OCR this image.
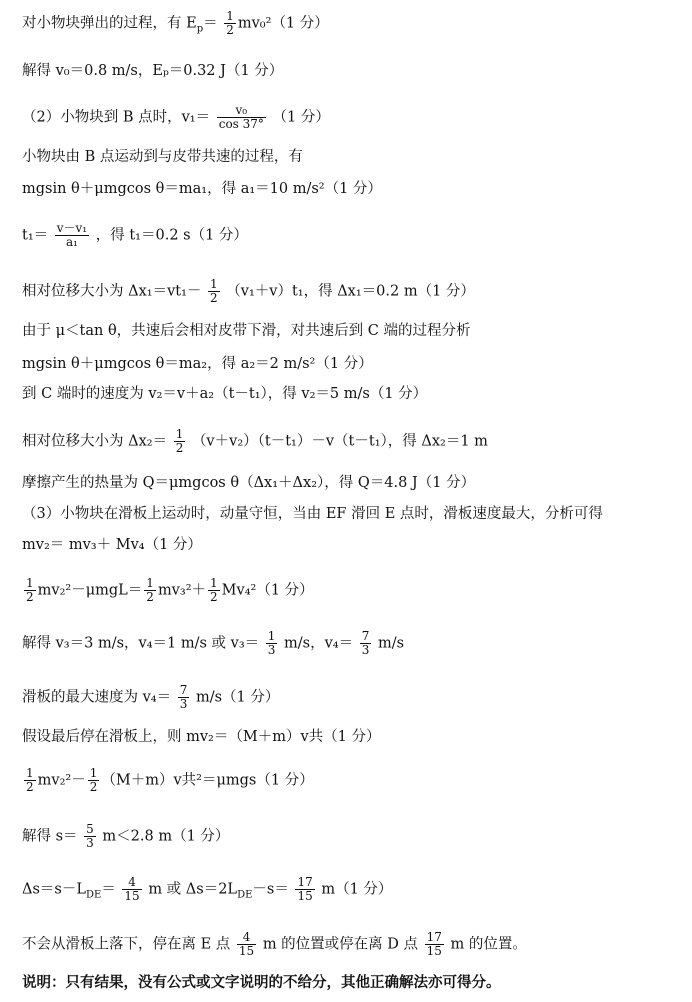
对小物块弹出的过程，有 $E_p= \frac{1}{2} mv_0^2(1$ 分）
解得 v₀＝0.8 m/s，Eₚ＝0.32 J（1 分）
（2）小物块到 B 点时，$v_1= \frac{\text{v₀}}{\cos 37^\circ} (1$ 分）
小物块由 B 点运动到与皮带共速的过程，有
mgsin θ＋μmgcos θ＝ma₁，得 a₁＝10 m/s²（1 分）
$t_1= \frac{\text{v－v₁}}{\text{a₁}}$ ，得 t₁＝0.2 s（1 分）
相对位移大小为 $\Delta x_1=vt_1- \frac{1}{2} (v_1+v)t_1$，得 Δx₁＝0.2 m（1 分）
由于 μ＜tan θ，共速后会相对皮带下滑，对共速后到 C 端的过程分析
mgsin θ＋μmgcos θ＝ma₂，得 a₂＝2 m/s²（1 分）
到 C 端时的速度为 v₂＝v＋a₂（t－t₁），得 v₂＝5 m/s（1 分）
相对位移大小为 $\Delta x_2= \frac{1}{2} (v+v_2)(t-t_1)-v(t-t_1)$，得 Δx₂＝1 m
摩擦产生的热量为 Q＝μmgcos θ（Δx₁＋Δx₂），得 Q＝4.8 J（1 分）
（3）小物块在滑板上运动时，动量守恒，当由 EF 滑回 E 点时，滑板速度最大，分析可得
mv₂＝ mv₃＋ Mv₄（1 分）
$\frac{1}{2} mv_2^2-\mu mgL= \frac{1}{2} mv_3^2+ \frac{1}{2} Mv_4^2(1$ 分）
解得 v₃＝3 m/s，v₄＝1 m/s 或 $v_3= \frac{1}{3} m/s$，$v_4= \frac{7}{3} m/s$
滑板的最大速度为 $v_4= \frac{7}{3} m/s(1$ 分）
假设最后停在滑板上，则 mv₂＝（M＋m）v共（1 分）
$\frac{1}{2} mv_2^2- \frac{1}{2} (M+m)v$共²＝μmgs（1 分）
解得 $s= \frac{5}{3} m<2.8$ m（1 分）
$\Delta s=s-L_{DE}= \frac{4}{15}$ m 或 $\Delta s=2L_{DE}-s= \frac{17}{15} m(1$ 分）
不会从滑板上落下，停在离 E 点 $\frac{4}{15}$ m 的位置或停在离 D 点 $\frac{17}{15}$ m 的位置。
说明：只有结果，没有公式或文字说明的不给分，其他正确解法亦可得分。
